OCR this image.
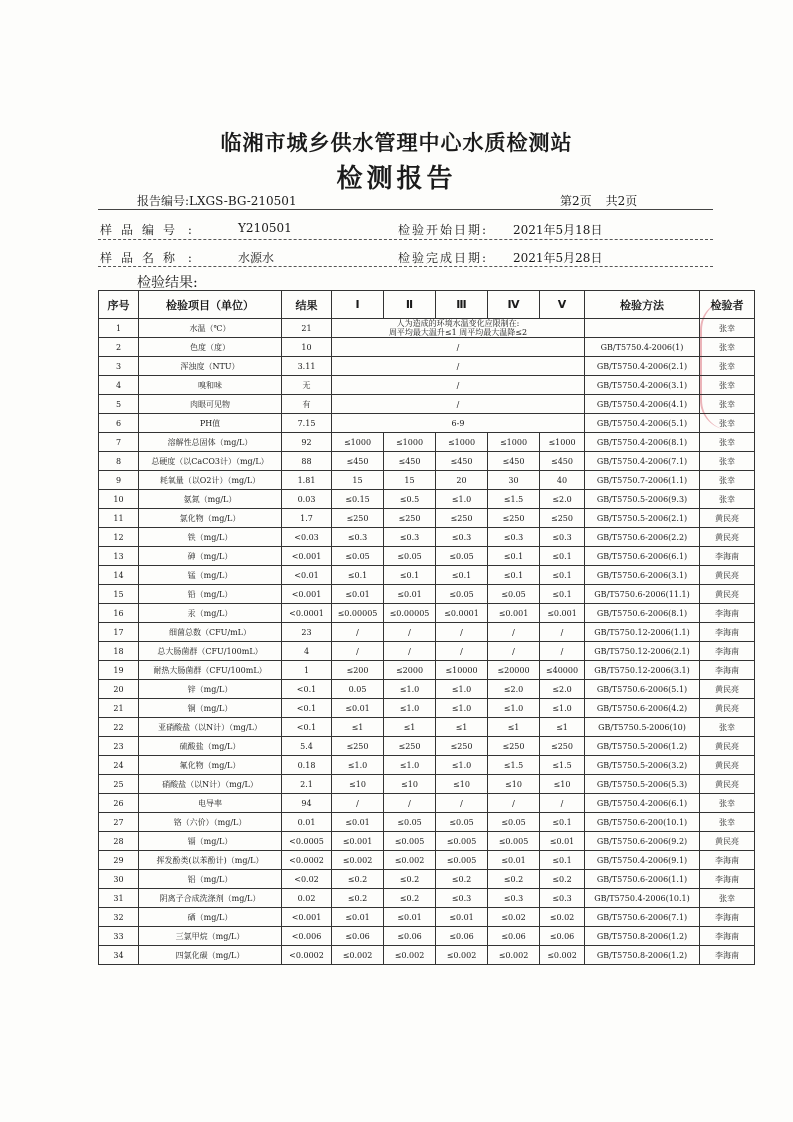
临湘市城乡供水管理中心水质检测站
检测报告
报告编号:LXGS-BG-210501	第2页 共2页
样品编号 :	Y210501	检验开始日期: 2021年5月18日
样品名称 :	水源水	检验完成日期: 2021年5月28日
检验结果:
序号	检验项目（单位）	结果	Ⅰ	Ⅱ	Ⅲ	Ⅳ	Ⅴ	检验方法	检验者
1	水温（℃）	21	人为造成的环境水温变化应限制在:
周平均最大温升≤1 周平均最大温降≤2						张幸
2	色度（度）	10	/					GB/T5750.4-2006(1)	张幸
3	浑浊度（NTU）	3.11	/					GB/T5750.4-2006(2.1)	张幸
4	嗅和味	无	/					GB/T5750.4-2006(3.1)	张幸
5	肉眼可见物	有	/					GB/T5750.4-2006(4.1)	张幸
6	PH值	7.15	6-9					GB/T5750.4-2006(5.1)	张幸
7	溶解性总固体（mg/L）	92	≤1000	≤1000	≤1000	≤1000	≤1000	GB/T5750.4-2006(8.1)	张幸
8	总硬度（以CaCO3计）（mg/L）	88	≤450	≤450	≤450	≤450	≤450	GB/T5750.4-2006(7.1)	张幸
9	耗氧量（以O2计）（mg/L）	1.81	15	15	20	30	40	GB/T5750.7-2006(1.1)	张幸
10	氨氮（mg/L）	0.03	≤0.15	≤0.5	≤1.0	≤1.5	≤2.0	GB/T5750.5-2006(9.3)	张幸
11	氯化物（mg/L）	1.7	≤250	≤250	≤250	≤250	≤250	GB/T5750.5-2006(2.1)	黄民亮
12	铁（mg/L）	<0.03	≤0.3	≤0.3	≤0.3	≤0.3	≤0.3	GB/T5750.6-2006(2.2)	黄民亮
13	砷（mg/L）	<0.001	≤0.05	≤0.05	≤0.05	≤0.1	≤0.1	GB/T5750.6-2006(6.1)	李海南
14	锰（mg/L）	<0.01	≤0.1	≤0.1	≤0.1	≤0.1	≤0.1	GB/T5750.6-2006(3.1)	黄民亮
15	铅（mg/L）	<0.001	≤0.01	≤0.01	≤0.05	≤0.05	≤0.1	GB/T5750.6-2006(11.1)	黄民亮
16	汞（mg/L）	<0.0001	≤0.00005	≤0.00005	≤0.0001	≤0.001	≤0.001	GB/T5750.6-2006(8.1)	李海南
17	细菌总数（CFU/mL）	23	/	/	/	/	/	GB/T5750.12-2006(1.1)	李海南
18	总大肠菌群（CFU/100mL）	4	/	/	/	/	/	GB/T5750.12-2006(2.1)	李海南
19	耐热大肠菌群（CFU/100mL）	1	≤200	≤2000	≤10000	≤20000	≤40000	GB/T5750.12-2006(3.1)	李海南
20	锌（mg/L）	<0.1	0.05	≤1.0	≤1.0	≤2.0	≤2.0	GB/T5750.6-2006(5.1)	黄民亮
21	铜（mg/L）	<0.1	≤0.01	≤1.0	≤1.0	≤1.0	≤1.0	GB/T5750.6-2006(4.2)	黄民亮
22	亚硝酸盐（以N计）（mg/L）	<0.1	≤1	≤1	≤1	≤1	≤1	GB/T5750.5-2006(10)	张幸
23	硫酸盐（mg/L）	5.4	≤250	≤250	≤250	≤250	≤250	GB/T5750.5-2006(1.2)	黄民亮
24	氟化物（mg/L）	0.18	≤1.0	≤1.0	≤1.0	≤1.5	≤1.5	GB/T5750.5-2006(3.2)	黄民亮
25	硝酸盐（以N计）（mg/L）	2.1	≤10	≤10	≤10	≤10	≤10	GB/T5750.5-2006(5.3)	黄民亮
26	电导率	94	/	/	/	/	/	GB/T5750.4-2006(6.1)	张幸
27	铬（六价）（mg/L）	0.01	≤0.01	≤0.05	≤0.05	≤0.05	≤0.1	GB/T5750.6-200(10.1)	张幸
28	镉（mg/L）	<0.0005	≤0.001	≤0.005	≤0.005	≤0.005	≤0.01	GB/T5750.6-2006(9.2)	黄民亮
29	挥发酚类(以苯酚计)（mg/L）	<0.0002	≤0.002	≤0.002	≤0.005	≤0.01	≤0.1	GB/T5750.4-2006(9.1)	李海南
30	铝（mg/L）	<0.02	≤0.2	≤0.2	≤0.2	≤0.2	≤0.2	GB/T5750.6-2006(1.1)	李海南
31	阴离子合成洗涤剂（mg/L）	0.02	≤0.2	≤0.2	≤0.3	≤0.3	≤0.3	GB/T5750.4-2006(10.1)	张幸
32	硒（mg/L）	<0.001	≤0.01	≤0.01	≤0.01	≤0.02	≤0.02	GB/T5750.6-2006(7.1)	李海南
33	三氯甲烷（mg/L）	<0.006	≤0.06	≤0.06	≤0.06	≤0.06	≤0.06	GB/T5750.8-2006(1.2)	李海南
34	四氯化碳（mg/L）	<0.0002	≤0.002	≤0.002	≤0.002	≤0.002	≤0.002	GB/T5750.8-2006(1.2)	李海南
